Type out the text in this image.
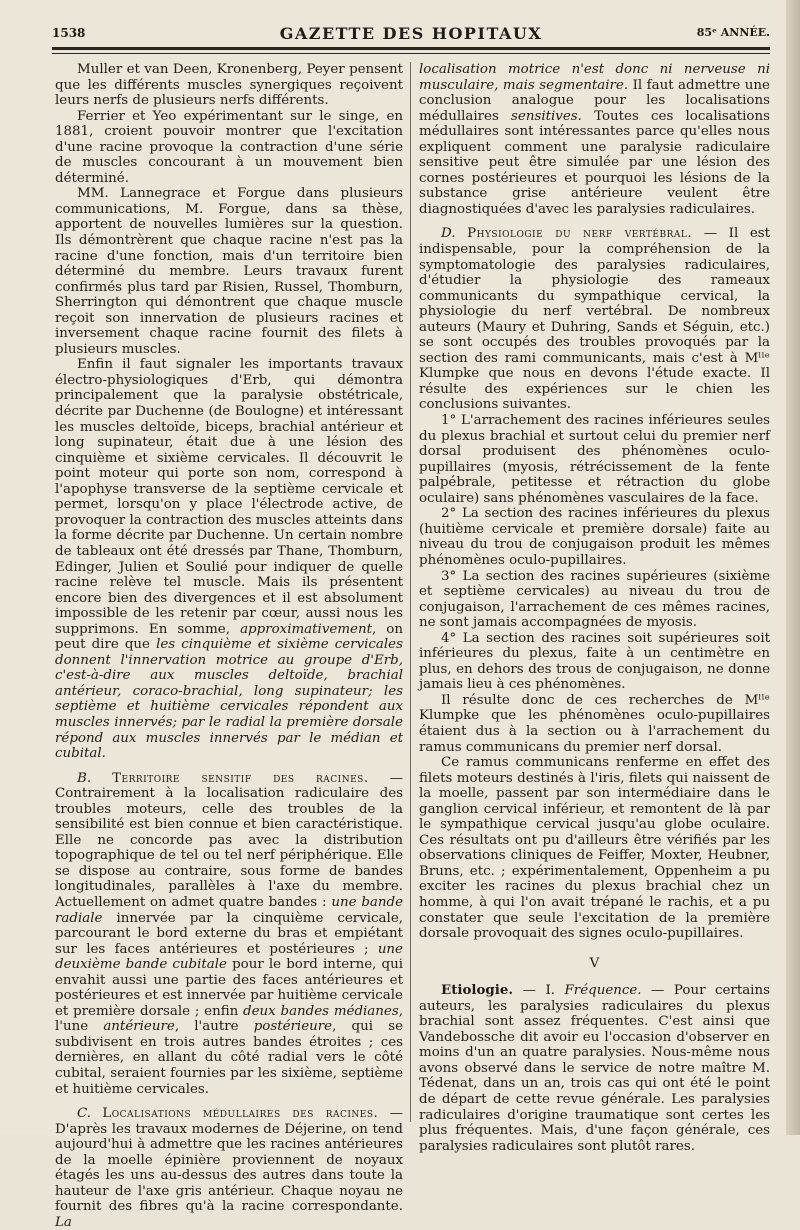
1538	GAZETTE DES HOPITAUX	85ᵉ ANNÉE.

Muller et van Deen, Kronenberg, Peyer pensent que les différents muscles synergiques reçoivent leurs nerfs de plusieurs nerfs différents.

Ferrier et Yeo expérimentant sur le singe, en 1881, croient pouvoir montrer que l'excitation d'une racine provoque la contraction d'une série de muscles concourant à un mouvement bien déterminé.

MM. Lannegrace et Forgue dans plusieurs communications, M. Forgue, dans sa thèse, apportent de nouvelles lumières sur la question. Ils démontrèrent que chaque racine n'est pas la racine d'une fonction, mais d'un territoire bien déterminé du membre. Leurs travaux furent confirmés plus tard par Risien, Russel, Thomburn, Sherrington qui démontrent que chaque muscle reçoit son innervation de plusieurs racines et inversement chaque racine fournit des filets à plusieurs muscles.

Enfin il faut signaler les importants travaux électro-physiologiques d'Erb, qui démontra principalement que la paralysie obstétricale, décrite par Duchenne (de Boulogne) et intéressant les muscles deltoïde, biceps, brachial antérieur et long supinateur, était due à une lésion des cinquième et sixième cervicales. Il découvrit le point moteur qui porte son nom, correspond à l'apophyse transverse de la septième cervicale et permet, lorsqu'on y place l'électrode active, de provoquer la contraction des muscles atteints dans la forme décrite par Duchenne. Un certain nombre de tableaux ont été dressés par Thane, Thomburn, Edinger, Julien et Soulié pour indiquer de quelle racine relève tel muscle. Mais ils présentent encore bien des divergences et il est absolument impossible de les retenir par cœur, aussi nous les supprimons. En somme, approximativement, on peut dire que les cinquième et sixième cervicales donnent l'innervation motrice au groupe d'Erb, c'est-à-dire aux muscles deltoïde, brachial antérieur, coraco-brachial, long supinateur; les septième et huitième cervicales répondent aux muscles innervés; par le radial la première dorsale répond aux muscles innervés par le médian et cubital.

B. Territoire sensitif des racines. — Contrairement à la localisation radiculaire des troubles moteurs, celle des troubles de la sensibilité est bien connue et bien caractéristique. Elle ne concorde pas avec la distribution topographique de tel ou tel nerf périphérique. Elle se dispose au contraire, sous forme de bandes longitudinales, parallèles à l'axe du membre. Actuellement on admet quatre bandes : une bande radiale innervée par la cinquième cervicale, parcourant le bord externe du bras et empiétant sur les faces antérieures et postérieures ; une deuxième bande cubitale pour le bord interne, qui envahit aussi une partie des faces antérieures et postérieures et est innervée par huitième cervicale et première dorsale ; enfin deux bandes médianes, l'une antérieure, l'autre postérieure, qui se subdivisent en trois autres bandes étroites ; ces dernières, en allant du côté radial vers le côté cubital, seraient fournies par les sixième, septième et huitième cervicales.

C. Localisations médullaires des racines. — D'après les travaux modernes de Déjerine, on tend aujourd'hui à admettre que les racines antérieures de la moelle épinière proviennent de noyaux étagés les uns au-dessus des autres dans toute la hauteur de l'axe gris antérieur. Chaque noyau ne fournit des fibres qu'à la racine correspondante. La

localisation motrice n'est donc ni nerveuse ni musculaire, mais segmentaire. Il faut admettre une conclusion analogue pour les localisations médullaires sensitives. Toutes ces localisations médullaires sont intéressantes parce qu'elles nous expliquent comment une paralysie radiculaire sensitive peut être simulée par une lésion des cornes postérieures et pourquoi les lésions de la substance grise antérieure veulent être diagnostiquées d'avec les paralysies radiculaires.

D. Physiologie du nerf vertébral. — Il est indispensable, pour la compréhension de la symptomatologie des paralysies radiculaires, d'étudier la physiologie des rameaux communicants du sympathique cervical, la physiologie du nerf vertébral. De nombreux auteurs (Maury et Duhring, Sands et Séguin, etc.) se sont occupés des troubles provoqués par la section des rami communicants, mais c'est à Mˡˡᵉ Klumpke que nous en devons l'étude exacte. Il résulte des expériences sur le chien les conclusions suivantes.

1° L'arrachement des racines inférieures seules du plexus brachial et surtout celui du premier nerf dorsal produisent des phénomènes oculo-pupillaires (myosis, rétrécissement de la fente palpébrale, petitesse et rétraction du globe oculaire) sans phénomènes vasculaires de la face.

2° La section des racines inférieures du plexus (huitième cervicale et première dorsale) faite au niveau du trou de conjugaison produit les mêmes phénomènes oculo-pupillaires.

3° La section des racines supérieures (sixième et septième cervicales) au niveau du trou de conjugaison, l'arrachement de ces mêmes racines, ne sont jamais accompagnées de myosis.

4° La section des racines soit supérieures soit inférieures du plexus, faite à un centimètre en plus, en dehors des trous de conjugaison, ne donne jamais lieu à ces phénomènes.

Il résulte donc de ces recherches de Mˡˡᵉ Klumpke que les phénomènes oculo-pupillaires étaient dus à la section ou à l'arrachement du ramus communicans du premier nerf dorsal.

Ce ramus communicans renferme en effet des filets moteurs destinés à l'iris, filets qui naissent de la moelle, passent par son intermédiaire dans le ganglion cervical inférieur, et remontent de là par le sympathique cervical jusqu'au globe oculaire. Ces résultats ont pu d'ailleurs être vérifiés par les observations cliniques de Feiffer, Moxter, Heubner, Bruns, etc. ; expérimentalement, Oppenheim a pu exciter les racines du plexus brachial chez un homme, à qui l'on avait trépané le rachis, et a pu constater que seule l'excitation de la première dorsale provoquait des signes oculo-pupillaires.

V

Etiologie. — I. Fréquence. — Pour certains auteurs, les paralysies radiculaires du plexus brachial sont assez fréquentes. C'est ainsi que Vandebossche dit avoir eu l'occasion d'observer en moins d'un an quatre paralysies. Nous-même nous avons observé dans le service de notre maître M. Tédenat, dans un an, trois cas qui ont été le point de départ de cette revue générale. Les paralysies radiculaires d'origine traumatique sont certes les plus fréquentes. Mais, d'une façon générale, ces paralysies radiculaires sont plutôt rares.
